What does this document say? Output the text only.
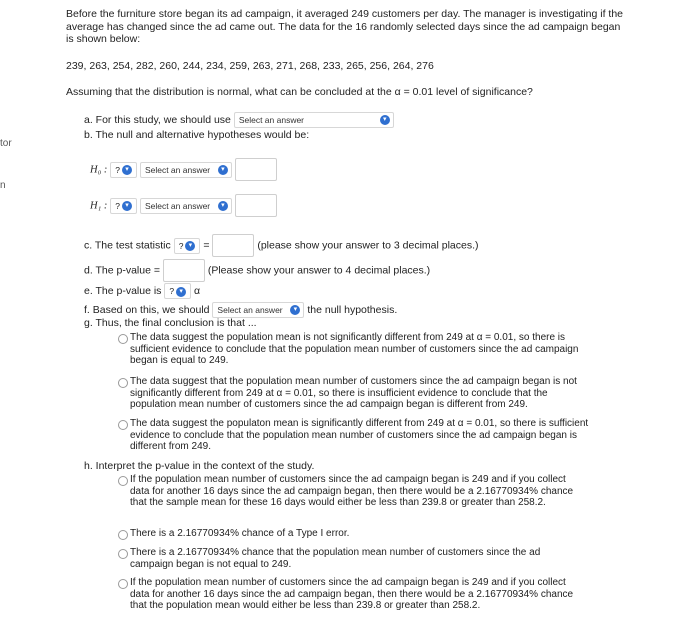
tor
n
Before the furniture store began its ad campaign, it averaged 249 customers per day. The manager is investigating if the average has changed since the ad came out. The data for the 16 randomly selected days since the ad campaign began is shown below:
239, 263, 254, 282, 260, 244, 234, 259, 263, 271, 268, 233, 265, 256, 264, 276
Assuming that the distribution is normal, what can be concluded at the α = 0.01 level of significance?
a. For this study, we should use Select an answer	▾
b. The null and alternative hypotheses would be:
H₀ : ? ▾ Select an answer	▾

H₁ : ? ▾ Select an answer	▾

c. The test statistic ? ▾ =	(please show your answer to 3 decimal places.)
d. The p-value =	(Please show your answer to 4 decimal places.)
e. The p-value is ? ▾ α
f. Based on this, we should Select an answer	▾ the null hypothesis.
g. Thus, the final conclusion is that ...
The data suggest the population mean is not significantly different from 249 at α = 0.01, so there is sufficient evidence to conclude that the population mean number of customers since the ad campaign began is equal to 249.
The data suggest that the population mean number of customers since the ad campaign began is not significantly different from 249 at α = 0.01, so there is insufficient evidence to conclude that the population mean number of customers since the ad campaign began is different from 249.
The data suggest the populaton mean is significantly different from 249 at α = 0.01, so there is sufficient evidence to conclude that the population mean number of customers since the ad campaign began is different from 249.
h. Interpret the p-value in the context of the study.
If the population mean number of customers since the ad campaign began is 249 and if you collect data for another 16 days since the ad campaign began, then there would be a 2.16770934% chance that the sample mean for these 16 days would either be less than 239.8 or greater than 258.2.
There is a 2.16770934% chance of a Type I error.
There is a 2.16770934% chance that the population mean number of customers since the ad campaign began is not equal to 249.
If the population mean number of customers since the ad campaign began is 249 and if you collect data for another 16 days since the ad campaign began, then there would be a 2.16770934% chance that the population mean would either be less than 239.8 or greater than 258.2.
